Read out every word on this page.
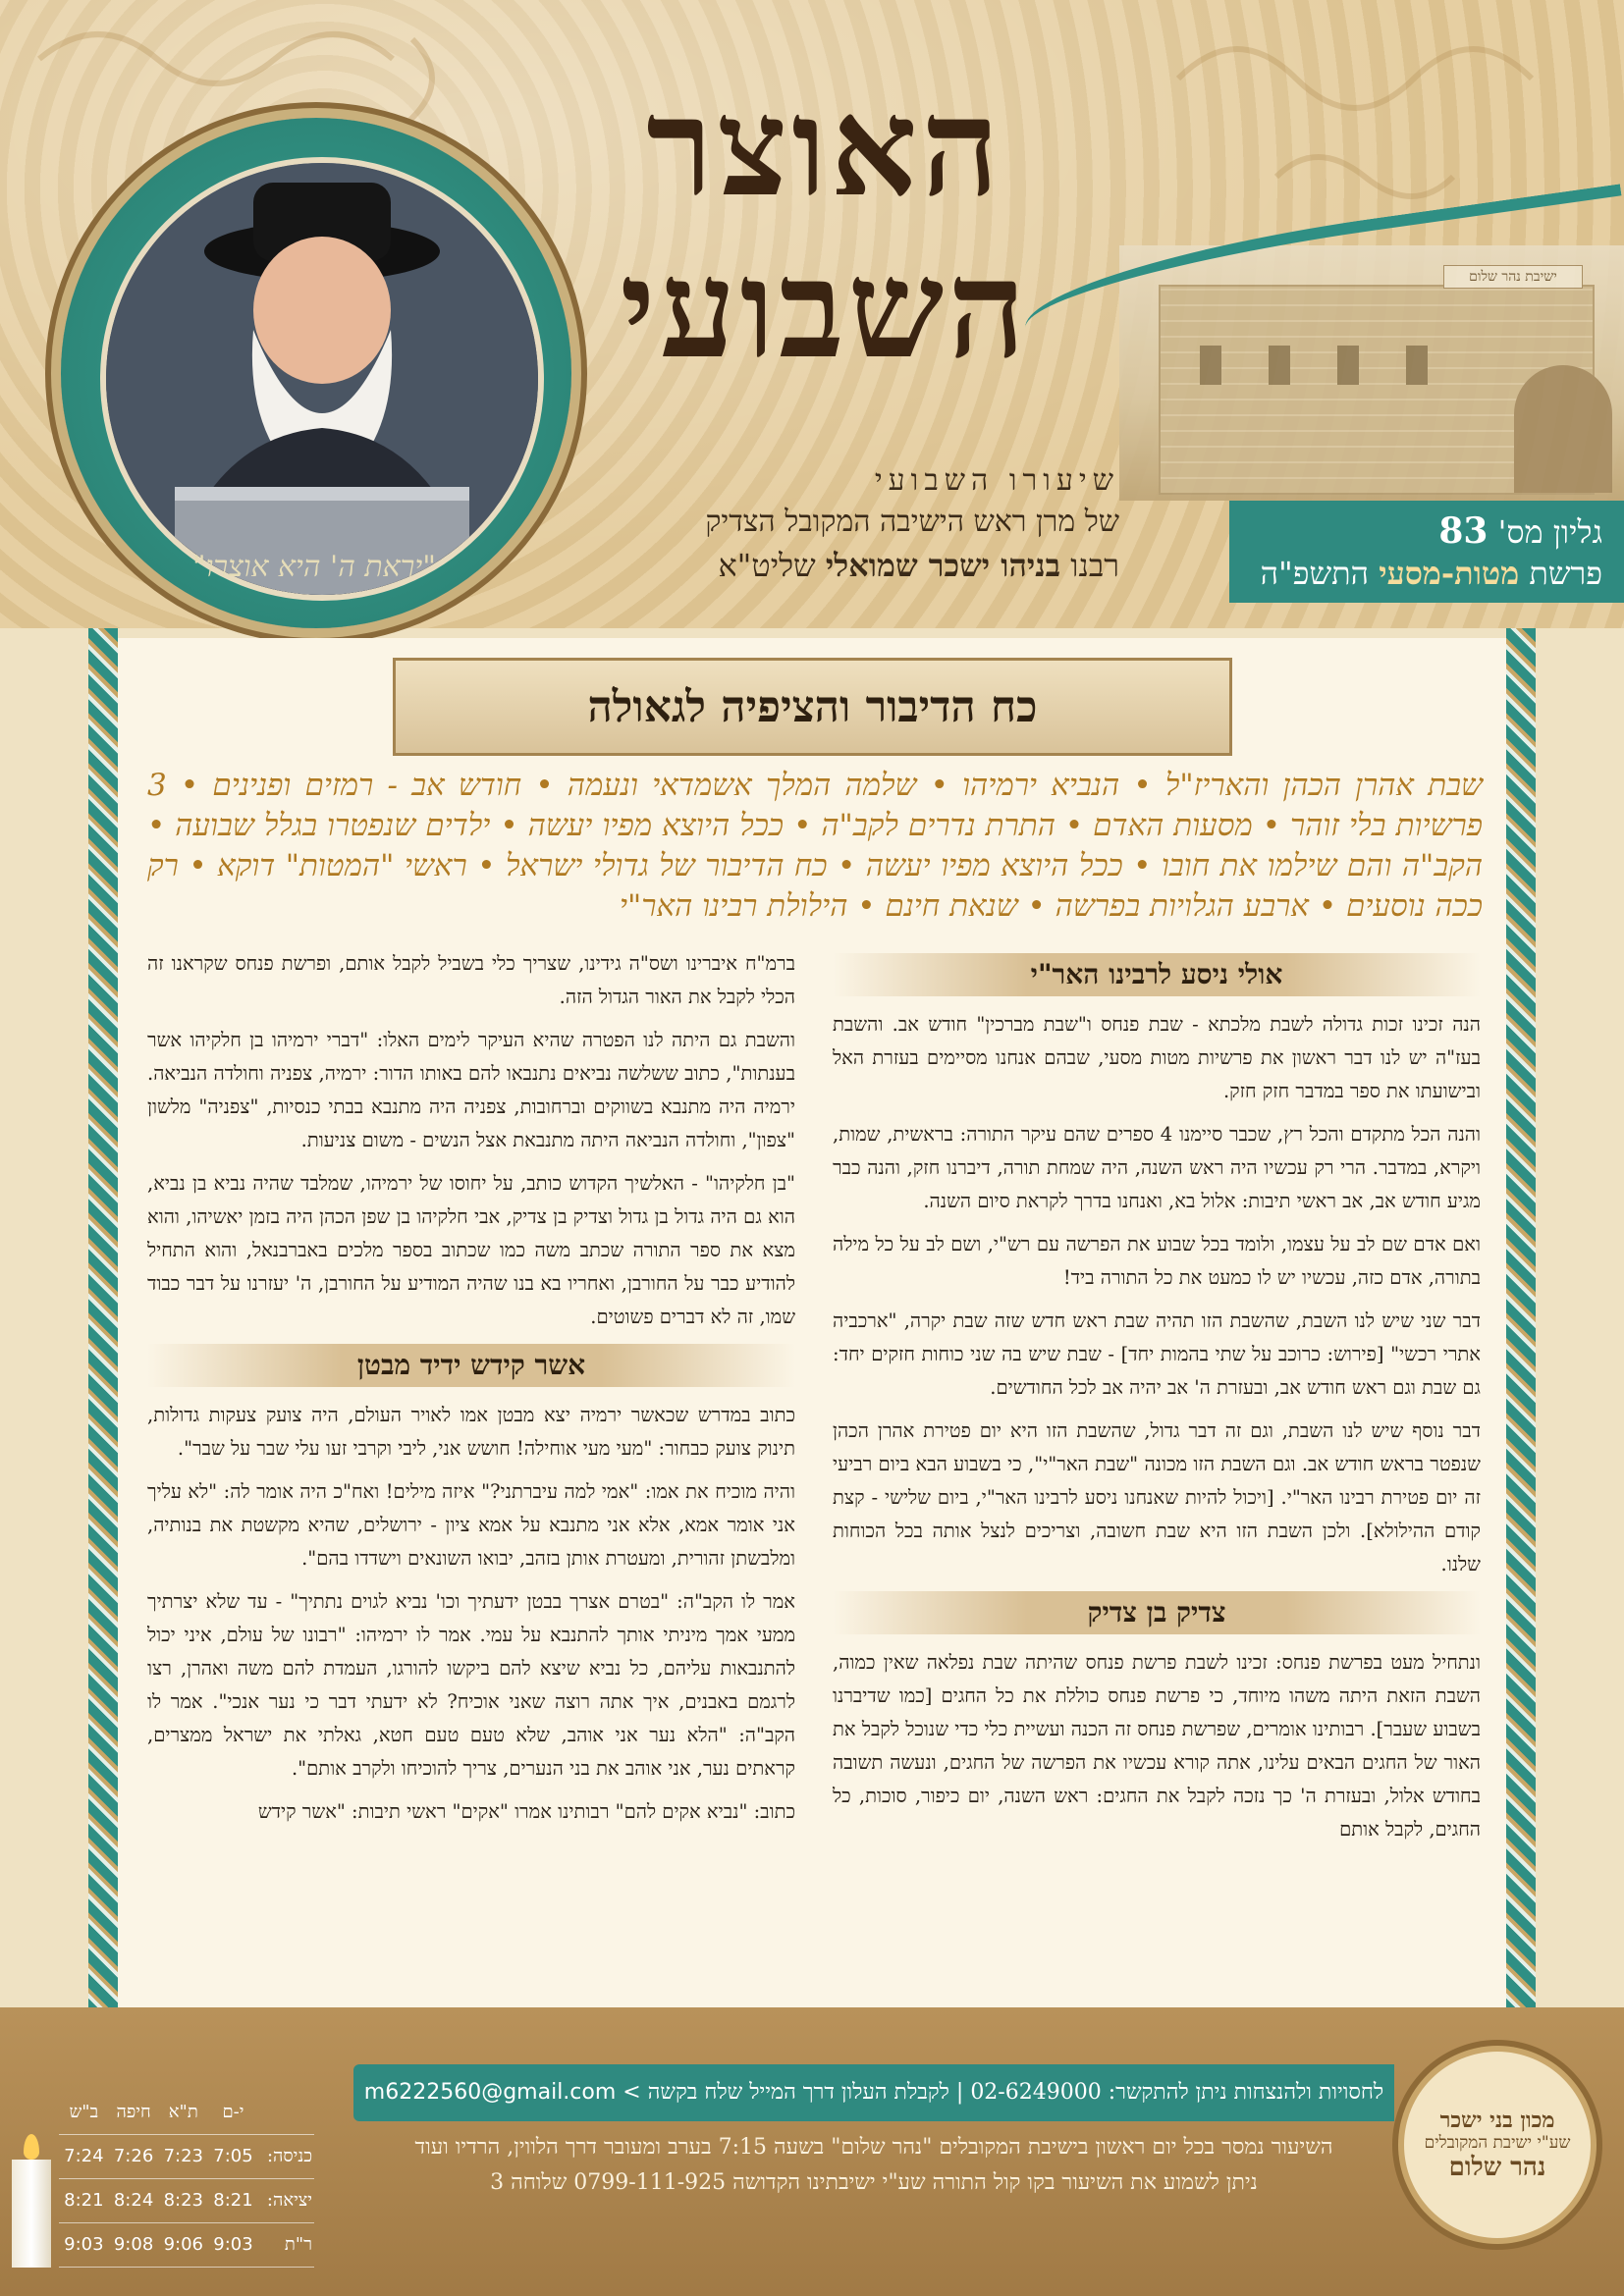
ישיבת נהר שלום
האוצר
השבועי
"יראת ה' היא אוצרו"
שיעורו השבועי
של מרן ראש הישיבה המקובל הצדיק
רבנו בניהו ישכר שמואלי שליט"א
גליון מס' 83
פרשת מטות-מסעי התשפ"ה
כח הדיבור והציפיה לגאולה
שבת אהרן הכהן והאריז"ל • הנביא ירמיהו • שלמה המלך אשמדאי ונעמה • חודש אב - רמזים ופנינים • 3 פרשיות בלי זוהר • מסעות האדם • התרת נדרים לקב"ה • ככל היוצא מפיו יעשה • ילדים שנפטרו בגלל שבועה • הקב"ה והם שילמו את חובו • ככל היוצא מפיו יעשה • כח הדיבור של גדולי ישראל • ראשי "המטות" דוקא • רק ככה נוסעים • ארבע הגלויות בפרשה • שנאת חינם • הילולת רבינו האר"י
אולי ניסע לרבינו האר"י

הנה זכינו זכות גדולה לשבת מלכתא - שבת פנחס ו"שבת מברכין" חודש אב. והשבת בעז"ה יש לנו דבר ראשון את פרשיות מטות מסעי, שבהם אנחנו מסיימים בעזרת האל ובישועתו את ספר במדבר חזק חזק.

והנה הכל מתקדם והכל רץ, שכבר סיימנו 4 ספרים שהם עיקר התורה: בראשית, שמות, ויקרא, במדבר. הרי רק עכשיו היה ראש השנה, היה שמחת תורה, דיברנו חזק, והנה כבר מגיע חודש אב, אב ראשי תיבות: אלול בא, ואנחנו בדרך לקראת סיום השנה.

ואם אדם שם לב על עצמו, ולומד בכל שבוע את הפרשה עם רש"י, ושם לב על כל מילה בתורה, אדם כזה, עכשיו יש לו כמעט את כל התורה ביד!

דבר שני שיש לנו השבת, שהשבת הזו תהיה שבת ראש חדש שזה שבת יקרה, "ארכביה אתרי רכשי" [פירוש: כרוכב על שתי בהמות יחד] - שבת שיש בה שני כוחות חזקים יחד: גם שבת וגם ראש חודש אב, ובעזרת ה' אב יהיה אב לכל החודשים.

דבר נוסף שיש לנו השבת, וגם זה דבר גדול, שהשבת הזו היא יום פטירת אהרן הכהן שנפטר בראש חודש אב. וגם השבת הזו מכונה "שבת האר"י", כי בשבוע הבא ביום רביעי זה יום פטירת רבינו האר"י. [ויכול להיות שאנחנו ניסע לרבינו האר"י, ביום שלישי - קצת קודם ההילולא]. ולכן השבת הזו היא שבת חשובה, וצריכים לנצל אותה בכל הכוחות שלנו.

צדיק בן צדיק

ונתחיל מעט בפרשת פנחס: זכינו לשבת פרשת פנחס שהיתה שבת נפלאה שאין כמוה, השבת הזאת היתה משהו מיוחד, כי פרשת פנחס כוללת את כל החגים [כמו שדיברנו בשבוע שעבר]. רבותינו אומרים, שפרשת פנחס זה הכנה ועשיית כלי כדי שנוכל לקבל את האור של החגים הבאים עלינו, אתה קורא עכשיו את הפרשה של החגים, ונעשה תשובה בחודש אלול, ובעזרת ה' כך נזכה לקבל את החגים: ראש השנה, יום כיפור, סוכות, כל החגים, לקבל אותם

ברמ"ח איברינו ושס"ה גידינו, שצריך כלי בשביל לקבל אותם, ופרשת פנחס שקראנו זה הכלי לקבל את האור הגדול הזה.

והשבת גם היתה לנו הפטרה שהיא העיקר לימים האלו: "דברי ירמיהו בן חלקיהו אשר בענתות", כתוב ששלשה נביאים נתנבאו להם באותו הדור: ירמיה, צפניה וחולדה הנביאה. ירמיה היה מתנבא בשווקים וברחובות, צפניה היה מתנבא בבתי כנסיות, "צפניה" מלשון "צפון", וחולדה הנביאה היתה מתנבאת אצל הנשים - משום צניעות.

"בן חלקיהו" - האלשיך הקדוש כותב, על יחוסו של ירמיהו, שמלבד שהיה נביא בן נביא, הוא גם היה גדול בן גדול וצדיק בן צדיק, אבי חלקיהו בן שפן הכהן היה בזמן יאשיהו, והוא מצא את ספר התורה שכתב משה כמו שכתוב בספר מלכים באברבנאל, והוא התחיל להודיע כבר על החורבן, ואחריו בא בנו שהיה המודיע על החורבן, ה' יעזרנו על דבר כבוד שמו, זה לא דברים פשוטים.

אשר קידש ידיד מבטן

כתוב במדרש שכאשר ירמיה יצא מבטן אמו לאויר העולם, היה צועק צעקות גדולות, תינוק צועק כבחור: "מעי מעי אוחילה! חושש אני, ליבי וקרבי זעו עלי שבר על שבר".

והיה מוכיח את אמו: "אמי למה עיברתני?" איזה מילים! ואח"כ היה אומר לה: "לא עליך אני אומר אמא, אלא אני מתנבא על אמא ציון - ירושלים, שהיא מקשטת את בנותיה, ומלבשתן זהורית, ומעטרת אותן בזהב, יבואו השונאים וישדדו בהם".

אמר לו הקב"ה: "בטרם אצרך בבטן ידעתיך וכו' נביא לגוים נתתיך" - עד שלא יצרתיך ממעי אמך מיניתי אותך להתנבא על עמי. אמר לו ירמיהו: "רבונו של עולם, איני יכול להתנבאות עליהם, כל נביא שיצא להם ביקשו להורגו, העמדת להם משה ואהרן, רצו לרגמם באבנים, איך אתה רוצה שאני אוכיח? לא ידעתי דבר כי נער אנכי". אמר לו הקב"ה: "הלא נער אני אוהב, שלא טעם טעם חטא, גאלתי את ישראל ממצרים, קראתים נער, אני אוהב את בני הנערים, צריך להוכיחו ולקרב אותם".

כתוב: "נביא אקים להם" רבותינו אמרו "אקים" ראשי תיבות: "אשר קידש

לחסויות ולהנצחות ניתן להתקשר: 02-6249000 | לקבלת העלון דרך המייל שלח בקשה > m6222560@gmail.com
השיעור נמסר בכל יום ראשון בישיבת המקובלים "נהר שלום" בשעה 7:15 בערב ומעובר דרך הלווין, הרדיו ועוד
ניתן לשמוע את השיעור בקו קול התורה שע"י ישיבתינו הקדושה 0799-111-925 שלוחה 3
מכון בני ישכר
שע"י ישיבת המקובלים
נהר שלום
	י-ם	ת"א	חיפה	ב"ש
כניסה:	7:05	7:23	7:26	7:24
יציאה:	8:21	8:23	8:24	8:21
ר"ת	9:03	9:06	9:08	9:03
